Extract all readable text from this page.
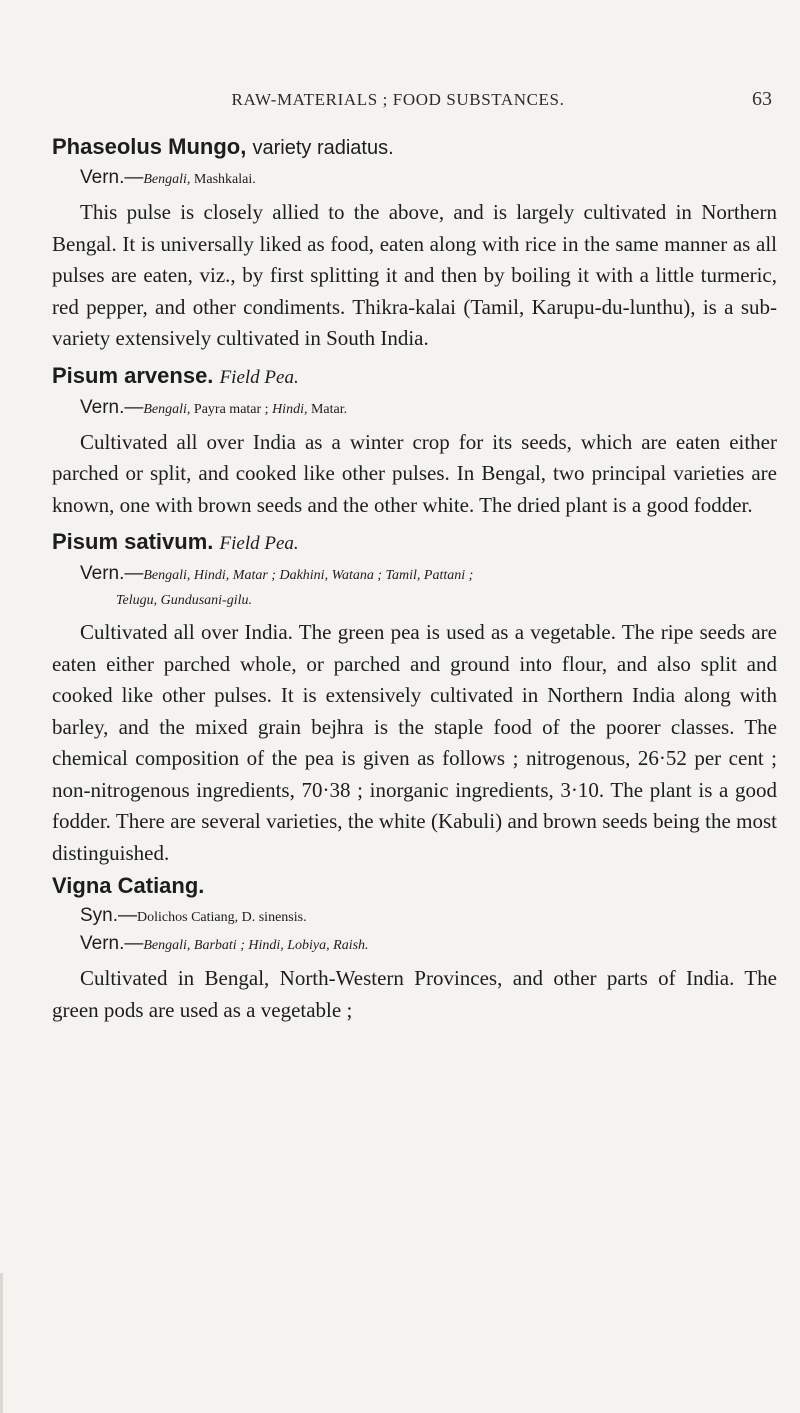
RAW-MATERIALS ; FOOD SUBSTANCES.	63

Phaseolus Mungo, variety radiatus.

Vern.—Bengali, Mashkalai.

This pulse is closely allied to the above, and is largely cultivated in Northern Bengal. It is universally liked as food, eaten along with rice in the same manner as all pulses are eaten, viz., by first splitting it and then by boiling it with a little turmeric, red pepper, and other condiments. Thikra-kalai (Tamil, Karupu-du-lunthu), is a sub-variety extensively cultivated in South India.

Pisum arvense. Field Pea.

Vern.—Bengali, Payra matar ; Hindi, Matar.

Cultivated all over India as a winter crop for its seeds, which are eaten either parched or split, and cooked like other pulses. In Bengal, two principal varieties are known, one with brown seeds and the other white. The dried plant is a good fodder.

Pisum sativum. Field Pea.

Vern.—Bengali, Hindi, Matar ; Dakhini, Watana ; Tamil, Pattani ;

Telugu, Gundusani-gilu.

Cultivated all over India. The green pea is used as a vegetable. The ripe seeds are eaten either parched whole, or parched and ground into flour, and also split and cooked like other pulses. It is extensively cultivated in Northern India along with barley, and the mixed grain bejhra is the staple food of the poorer classes. The chemical composition of the pea is given as follows ; nitrogenous, 26·52 per cent ; non-nitrogenous ingredients, 70·38 ; inorganic ingredients, 3·10. The plant is a good fodder. There are several varieties, the white (Kabuli) and brown seeds being the most distinguished.

Vigna Catiang.

Syn.—Dolichos Catiang, D. sinensis.

Vern.—Bengali, Barbati ; Hindi, Lobiya, Raish.

Cultivated in Bengal, North-Western Provinces, and other parts of India. The green pods are used as a vegetable ;
